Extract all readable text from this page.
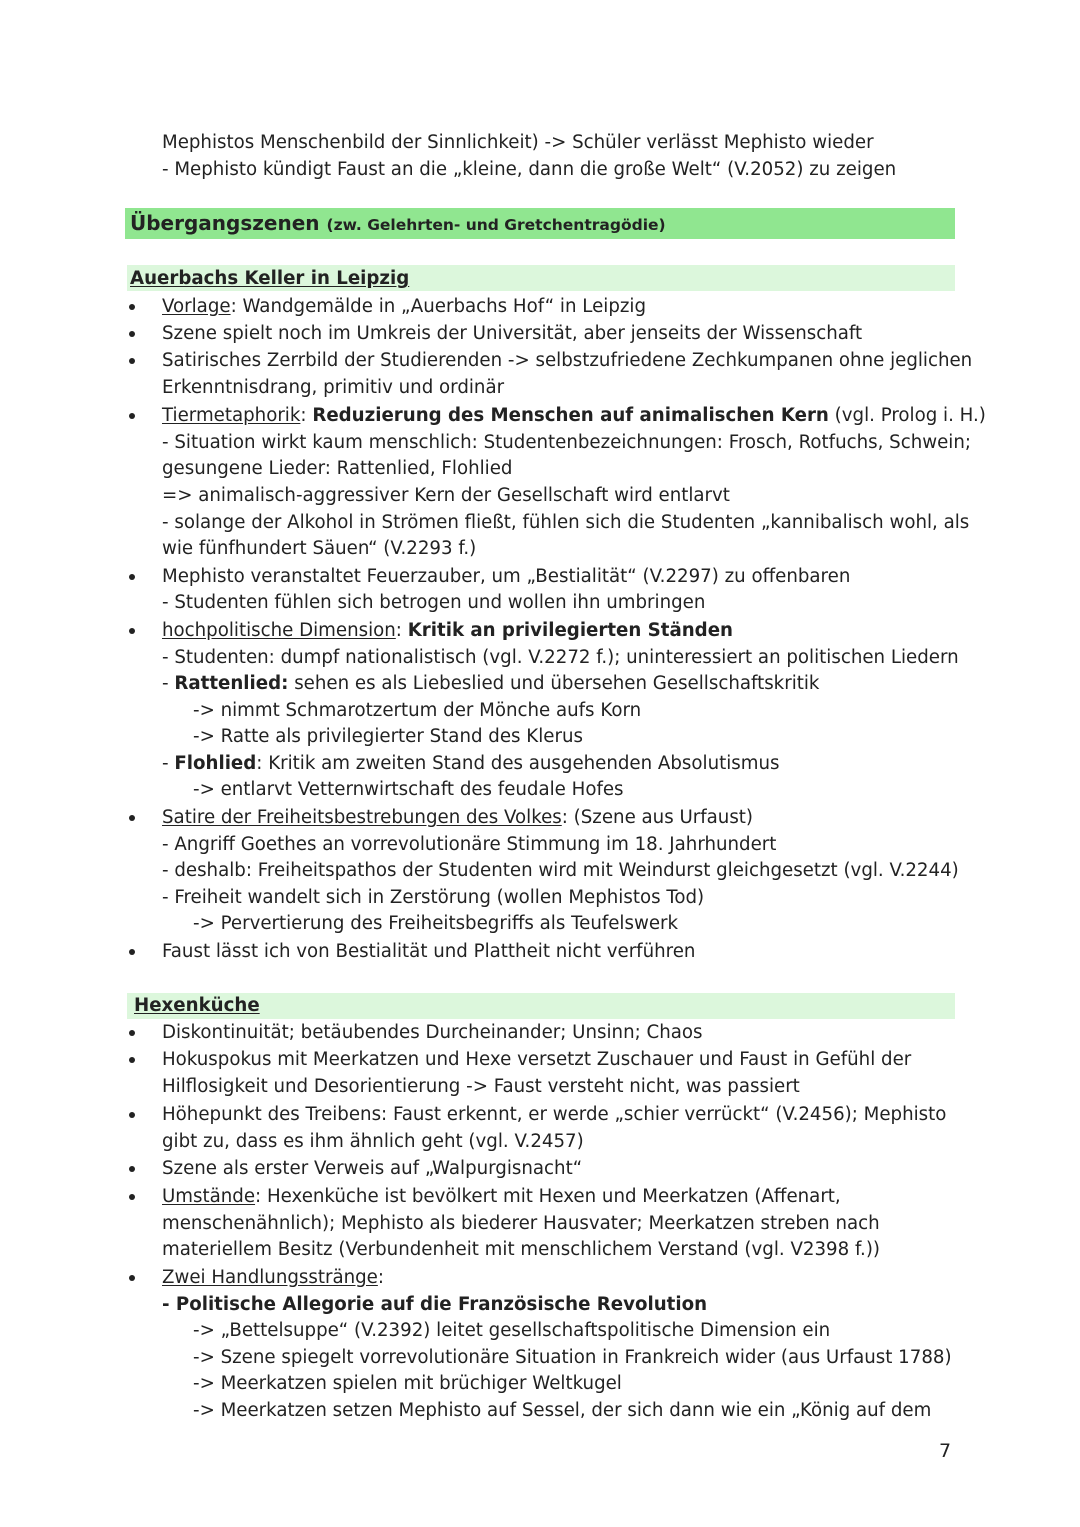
Mephistos Menschenbild der Sinnlichkeit) -> Schüler verlässt Mephisto wieder
- Mephisto kündigt Faust an die „kleine, dann die große Welt“ (V.2052) zu zeigen
Übergangszenen (zw. Gelehrten- und Gretchentragödie)
Auerbachs Keller in Leipzig
Vorlage: Wandgemälde in „Auerbachs Hof“ in Leipzig
Szene spielt noch im Umkreis der Universität, aber jenseits der Wissenschaft
Satirisches Zerrbild der Studierenden -> selbstzufriedene Zechkumpanen ohne jeglichen
Erkenntnisdrang, primitiv und ordinär
Tiermetaphorik: Reduzierung des Menschen auf animalischen Kern (vgl. Prolog i. H.)
- Situation wirkt kaum menschlich: Studentenbezeichnungen: Frosch, Rotfuchs, Schwein;
gesungene Lieder: Rattenlied, Flohlied
=> animalisch-aggressiver Kern der Gesellschaft wird entlarvt
- solange der Alkohol in Strömen fließt, fühlen sich die Studenten „kannibalisch wohl, als
wie fünfhundert Säuen“ (V.2293 f.)
Mephisto veranstaltet Feuerzauber, um „Bestialität“ (V.2297) zu offenbaren
- Studenten fühlen sich betrogen und wollen ihn umbringen
hochpolitische Dimension: Kritik an privilegierten Ständen
- Studenten: dumpf nationalistisch (vgl. V.2272 f.); uninteressiert an politischen Liedern
- Rattenlied: sehen es als Liebeslied und übersehen Gesellschaftskritik
-> nimmt Schmarotzertum der Mönche aufs Korn
-> Ratte als privilegierter Stand des Klerus
- Flohlied: Kritik am zweiten Stand des ausgehenden Absolutismus
-> entlarvt Vetternwirtschaft des feudale Hofes
Satire der Freiheitsbestrebungen des Volkes: (Szene aus Urfaust)
- Angriff Goethes an vorrevolutionäre Stimmung im 18. Jahrhundert
- deshalb: Freiheitspathos der Studenten wird mit Weindurst gleichgesetzt (vgl. V.2244)
- Freiheit wandelt sich in Zerstörung (wollen Mephistos Tod)
-> Pervertierung des Freiheitsbegriffs als Teufelswerk
Faust lässt ich von Bestialität und Plattheit nicht verführen
Hexenküche
Diskontinuität; betäubendes Durcheinander; Unsinn; Chaos
Hokuspokus mit Meerkatzen und Hexe versetzt Zuschauer und Faust in Gefühl der
Hilflosigkeit und Desorientierung -> Faust versteht nicht, was passiert
Höhepunkt des Treibens: Faust erkennt, er werde „schier verrückt“ (V.2456); Mephisto
gibt zu, dass es ihm ähnlich geht (vgl. V.2457)
Szene als erster Verweis auf „Walpurgisnacht“
Umstände: Hexenküche ist bevölkert mit Hexen und Meerkatzen (Affenart,
menschenähnlich); Mephisto als biederer Hausvater; Meerkatzen streben nach
materiellem Besitz (Verbundenheit mit menschlichem Verstand (vgl. V2398 f.))
Zwei Handlungsstränge:
- Politische Allegorie auf die Französische Revolution
-> „Bettelsuppe“ (V.2392) leitet gesellschaftspolitische Dimension ein
-> Szene spiegelt vorrevolutionäre Situation in Frankreich wider (aus Urfaust 1788)
-> Meerkatzen spielen mit brüchiger Weltkugel
-> Meerkatzen setzen Mephisto auf Sessel, der sich dann wie ein „König auf dem
7
